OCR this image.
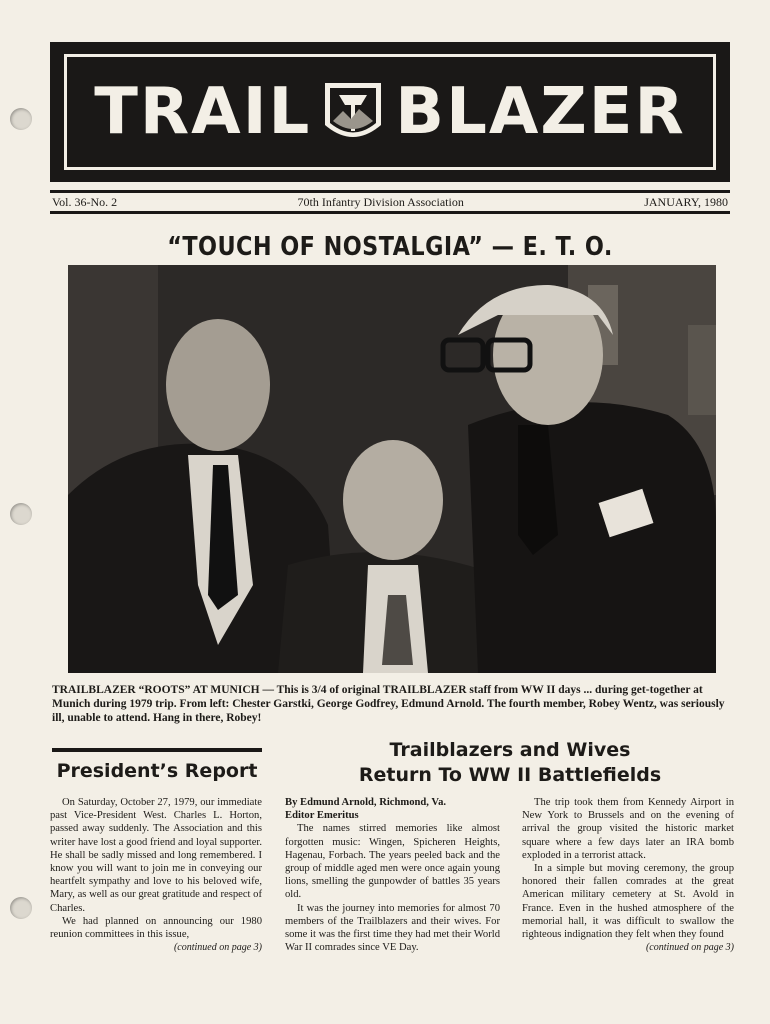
TRAIL BLAZER
Vol. 36-No. 2	70th Infantry Division Association	JANUARY, 1980
“TOUCH OF NOSTALGIA” — E. T. O.
TRAILBLAZER “ROOTS” AT MUNICH — This is 3/4 of original TRAILBLAZER staff from WW II days ... during get-together at Munich during 1979 trip. From left: Chester Garstki, George Godfrey, Edmund Arnold. The fourth member, Robey Wentz, was seriously ill, unable to attend. Hang in there, Robey!
President’s Report
Trailblazers and Wives
Return To WW II Battlefields

On Saturday, October 27, 1979, our immediate past Vice-President West. Charles L. Horton, passed away suddenly. The Association and this writer have lost a good friend and loyal supporter. He shall be sadly missed and long remembered. I know you will want to join me in conveying our heartfelt sympathy and love to his beloved wife, Mary, as well as our great gratitude and respect of Charles.

We had planned on announcing our 1980 reunion committees in this issue,

(continued on page 3)

By Edmund Arnold, Richmond, Va.

Editor Emeritus

The names stirred memories like almost forgotten music: Wingen, Spicheren Heights, Hagenau, Forbach. The years peeled back and the group of middle aged men were once again young lions, smelling the gunpowder of battles 35 years old.

It was the journey into memories for almost 70 members of the Trailblazers and their wives. For some it was the first time they had met their World War II comrades since VE Day.

The trip took them from Kennedy Airport in New York to Brussels and on the evening of arrival the group visited the historic market square where a few days later an IRA bomb exploded in a terrorist attack.

In a simple but moving ceremony, the group honored their fallen comrades at the great American military cemetery at St. Avold in France. Even in the hushed atmosphere of the memorial hall, it was difficult to swallow the righteous indignation they felt when they found

(continued on page 3)
